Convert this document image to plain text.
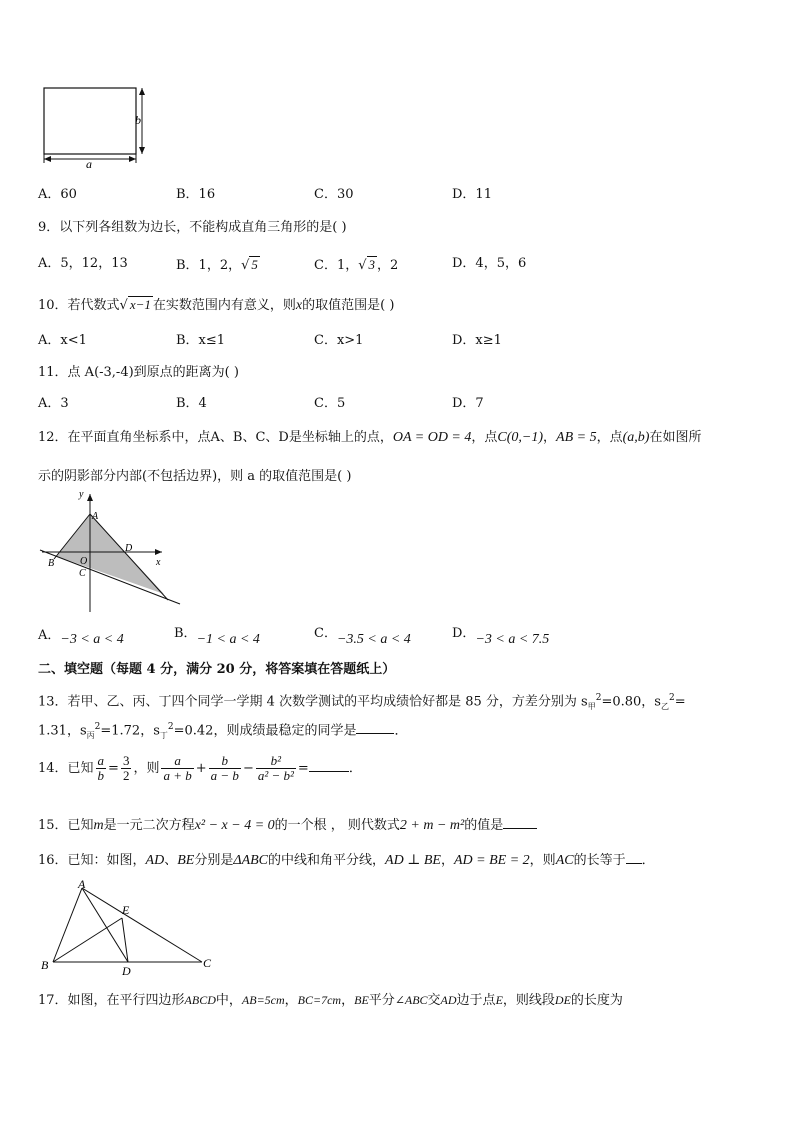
a
b
A．60	B．16	C．30	D．11
9．以下列各组数为边长，不能构成直角三角形的是( )
A．5，12，13	B．1，2，√ 5	C．1，√ 3 ，2	D．4，5，6
10．若代数式√ x−1 在实数范围内有意义，则x的取值范围是( )
A．x<1	B．x≤1	C．x>1	D．x≥1
11．点 A(-3,-4)到原点的距离为( )
A．3	B．4	C．5	D．7
12．在平面直角坐标系中，点A、B、C、D是坐标轴上的点，OA = OD = 4，点C(0,−1)，AB = 5，点(a,b)在如图所
示的阴影部分内部(不包括边界)，则 a 的取值范围是( )
y
x
A
B	O
C
D
A．−3 < a < 4	B．−1 < a < 4	C．−3.5 < a < 4	D．−3 < a < 7.5
二、填空题（每题 4 分，满分 20 分，将答案填在答题纸上）
13．若甲、乙、丙、丁四个同学一学期 4 次数学测试的平均成绩恰好都是 85 分，方差分别为 $s_甲^2=0.80$，$s_乙^2=$
1.31，$s_丙^2=1.72$，$s_丁^2=0.42$，则成绩最稳定的同学是	．
14．已知 $\frac{a}{b} = \frac{3}{2}$ ，则 $\frac{a}{a + b} + \frac{b}{a - b} - \frac{\text{b²}}{\text{a² − b²}}$ =	．
15．已知m是一元二次方程x² − x − 4 = 0的一个根 ， 则代数式2 + m − m²的值是
16．已知：如图，AD、BE分别是ΔABC的中线和角平分线，AD ⊥ BE，AD = BE = 2，则AC的长等于 ．
A
E
B	D
C
17．如图，在平行四边形ABCD中，AB=5cm，BC=7cm，BE平分∠ABC交AD边于点E，则线段DE的长度为
